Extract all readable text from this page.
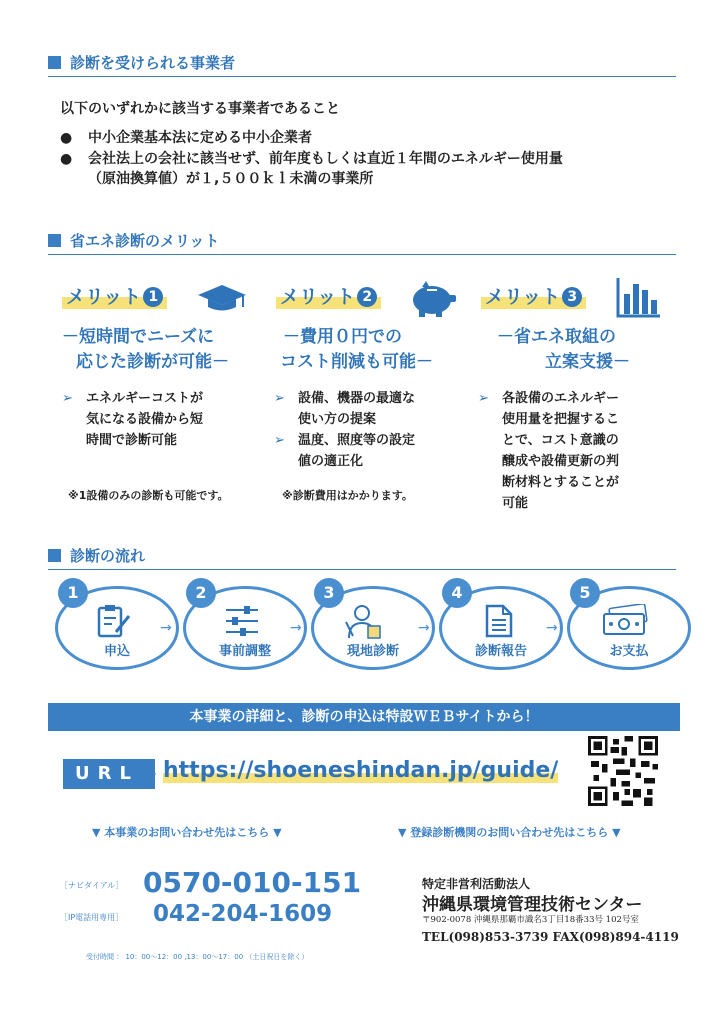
診断を受けられる事業者
以下のいずれかに該当する事業者であること
● 中小企業基本法に定める中小企業者
● 会社法上の会社に該当せず、前年度もしくは直近１年間のエネルギー使用量
（原油換算値）が１,５００ｋｌ未満の事業所
省エネ診断のメリット
メリット 1
－短時間でニーズに
応じた診断が可能－
➢ エネルギーコストが
気になる設備から短
時間で診断可能
※1設備のみの診断も可能です。
メリット 2
－費用０円での
コスト削減も可能－
➢ 設備、機器の最適な
使い方の提案
➢ 温度、照度等の設定
値の適正化
※診断費用はかかります。
メリット 3
－省エネ取組の
立案支援－
➢ 各設備のエネルギー
使用量を把握するこ
とで、コスト意識の
醸成や設備更新の判
断材料とすることが
可能
診断の流れ
1
申込
→
2
事前調整
→
3
現地診断
→
4
診断報告
→
5
お支払
本事業の詳細と、診断の申込は特設ＷＥＢサイトから！
URL	https://shoeneshindan.jp/guide/
▼ 本事業のお問い合わせ先はこちら ▼	▼ 登録診断機関のお問い合わせ先はこちら ▼
［ナビダイアル］ 0570-010-151
［IP電話用専用］ 042-204-1609
受付時間 ： 10：00～12：00 ,13：00～17：00 （土日祝日を除く）
特定非営利活動法人
沖縄県環境管理技術センター
〒902-0078 沖縄県那覇市識名3丁目18番33号 102号室
TEL(098)853-3739 FAX(098)894-4119
